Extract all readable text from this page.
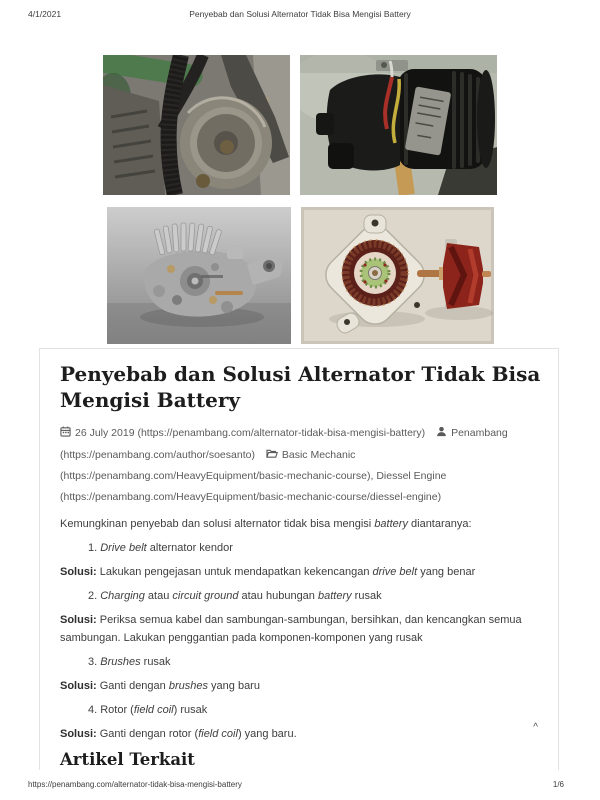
4/1/2021	Penyebab dan Solusi Alternator Tidak Bisa Mengisi Battery
Penyebab dan Solusi Alternator Tidak Bisa
Mengisi Battery
26 July 2019 (https://penambang.com/alternator-tidak-bisa-mengisi-battery) Penambang
(https://penambang.com/author/soesanto)	Basic Mechanic
(https://penambang.com/HeavyEquipment/basic-mechanic-course), Diessel Engine
(https://penambang.com/HeavyEquipment/basic-mechanic-course/diessel-engine)

Kemungkinan penyebab dan solusi alternator tidak bisa mengisi battery diantaranya:

1. Drive belt alternator kendor

Solusi: Lakukan pengejasan untuk mendapatkan kekencangan drive belt yang benar

2. Charging atau circuit ground atau hubungan battery rusak

Solusi: Periksa semua kabel dan sambungan-sambungan, bersihkan, dan kencangkan semua sambungan. Lakukan penggantian pada komponen-komponen yang rusak

3. Brushes rusak

Solusi: Ganti dengan brushes yang baru

4. Rotor (field coil) rusak

Solusi: Ganti dengan rotor (field coil) yang baru.

Artikel Terkait
^
https://penambang.com/alternator-tidak-bisa-mengisi-battery	1/6
